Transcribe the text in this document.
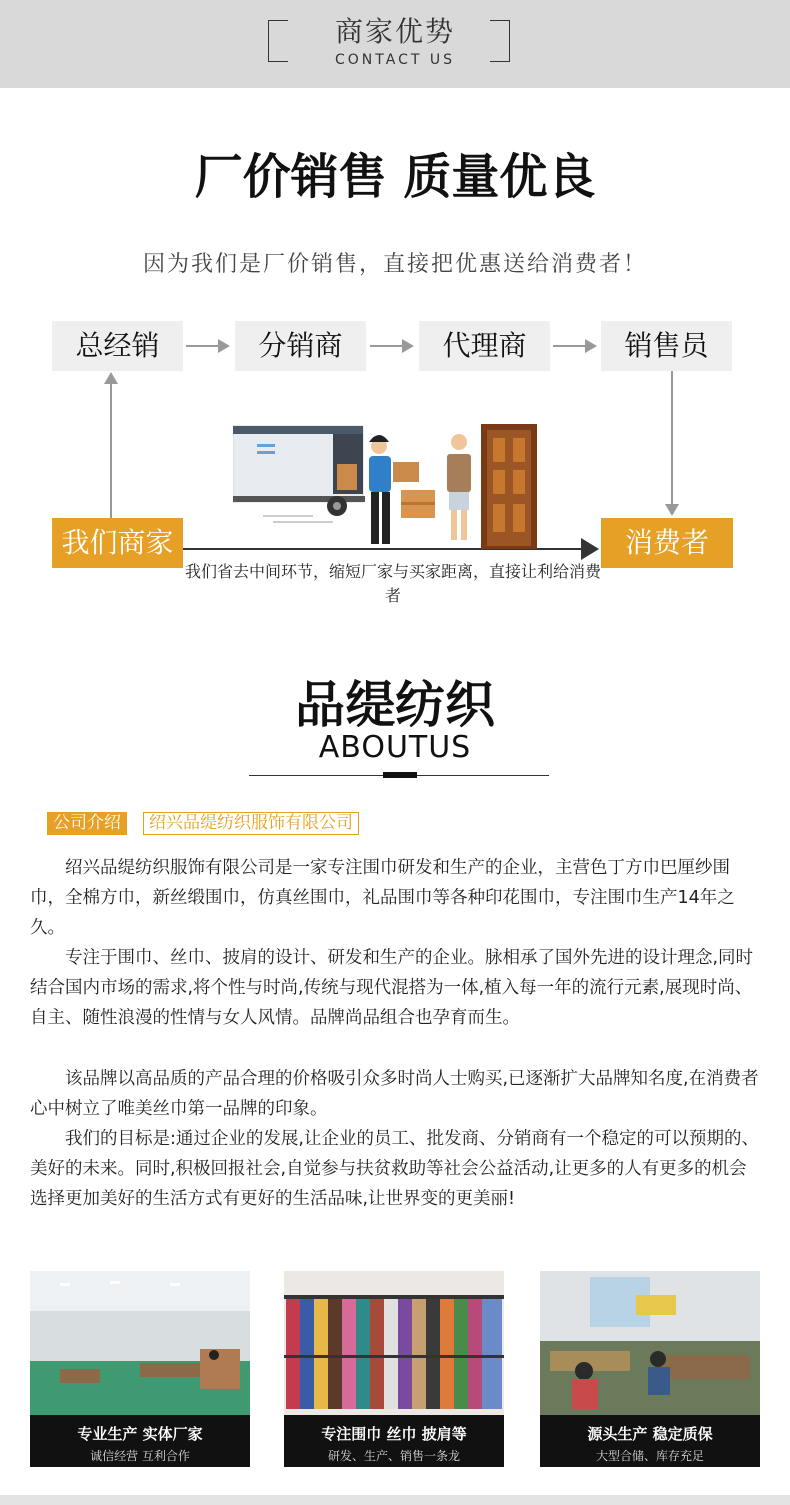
商家优势
CONTACT US
厂价销售 质量优良
因为我们是厂价销售，直接把优惠送给消费者！
总经销	分销商	代理商	销售员
我们商家	消费者
我们省去中间环节，缩短厂家与买家距离，直接让利给消费者
品缇纺织
ABOUTUS
公司介绍	绍兴品缇纺织服饰有限公司

绍兴品缇纺织服饰有限公司是一家专注围巾研发和生产的企业，主营色丁方巾巴厘纱围巾，全棉方巾，新丝缎围巾，仿真丝围巾，礼品围巾等各种印花围巾，专注围巾生产14年之久。

专注于围巾、丝巾、披肩的设计、研发和生产的企业。脉相承了国外先进的设计理念,同时结合国内市场的需求,将个性与时尚,传统与现代混搭为一体,植入每一年的流行元素,展现时尚、自主、随性浪漫的性情与女人风情。品牌尚品组合也孕育而生。

该品牌以高品质的产品合理的价格吸引众多时尚人士购买,已逐渐扩大品牌知名度,在消费者心中树立了唯美丝巾第一品牌的印象。

我们的目标是:通过企业的发展,让企业的员工、批发商、分销商有一个稳定的可以预期的、美好的未来。同时,积极回报社会,自觉参与扶贫救助等社会公益活动,让更多的人有更多的机会选择更加美好的生活方式有更好的生活品味,让世界变的更美丽!

专业生产 实体厂家
诚信经营 互利合作
专注围巾 丝巾 披肩等
研发、生产、销售一条龙
源头生产 稳定质保
大型合储、库存充足
